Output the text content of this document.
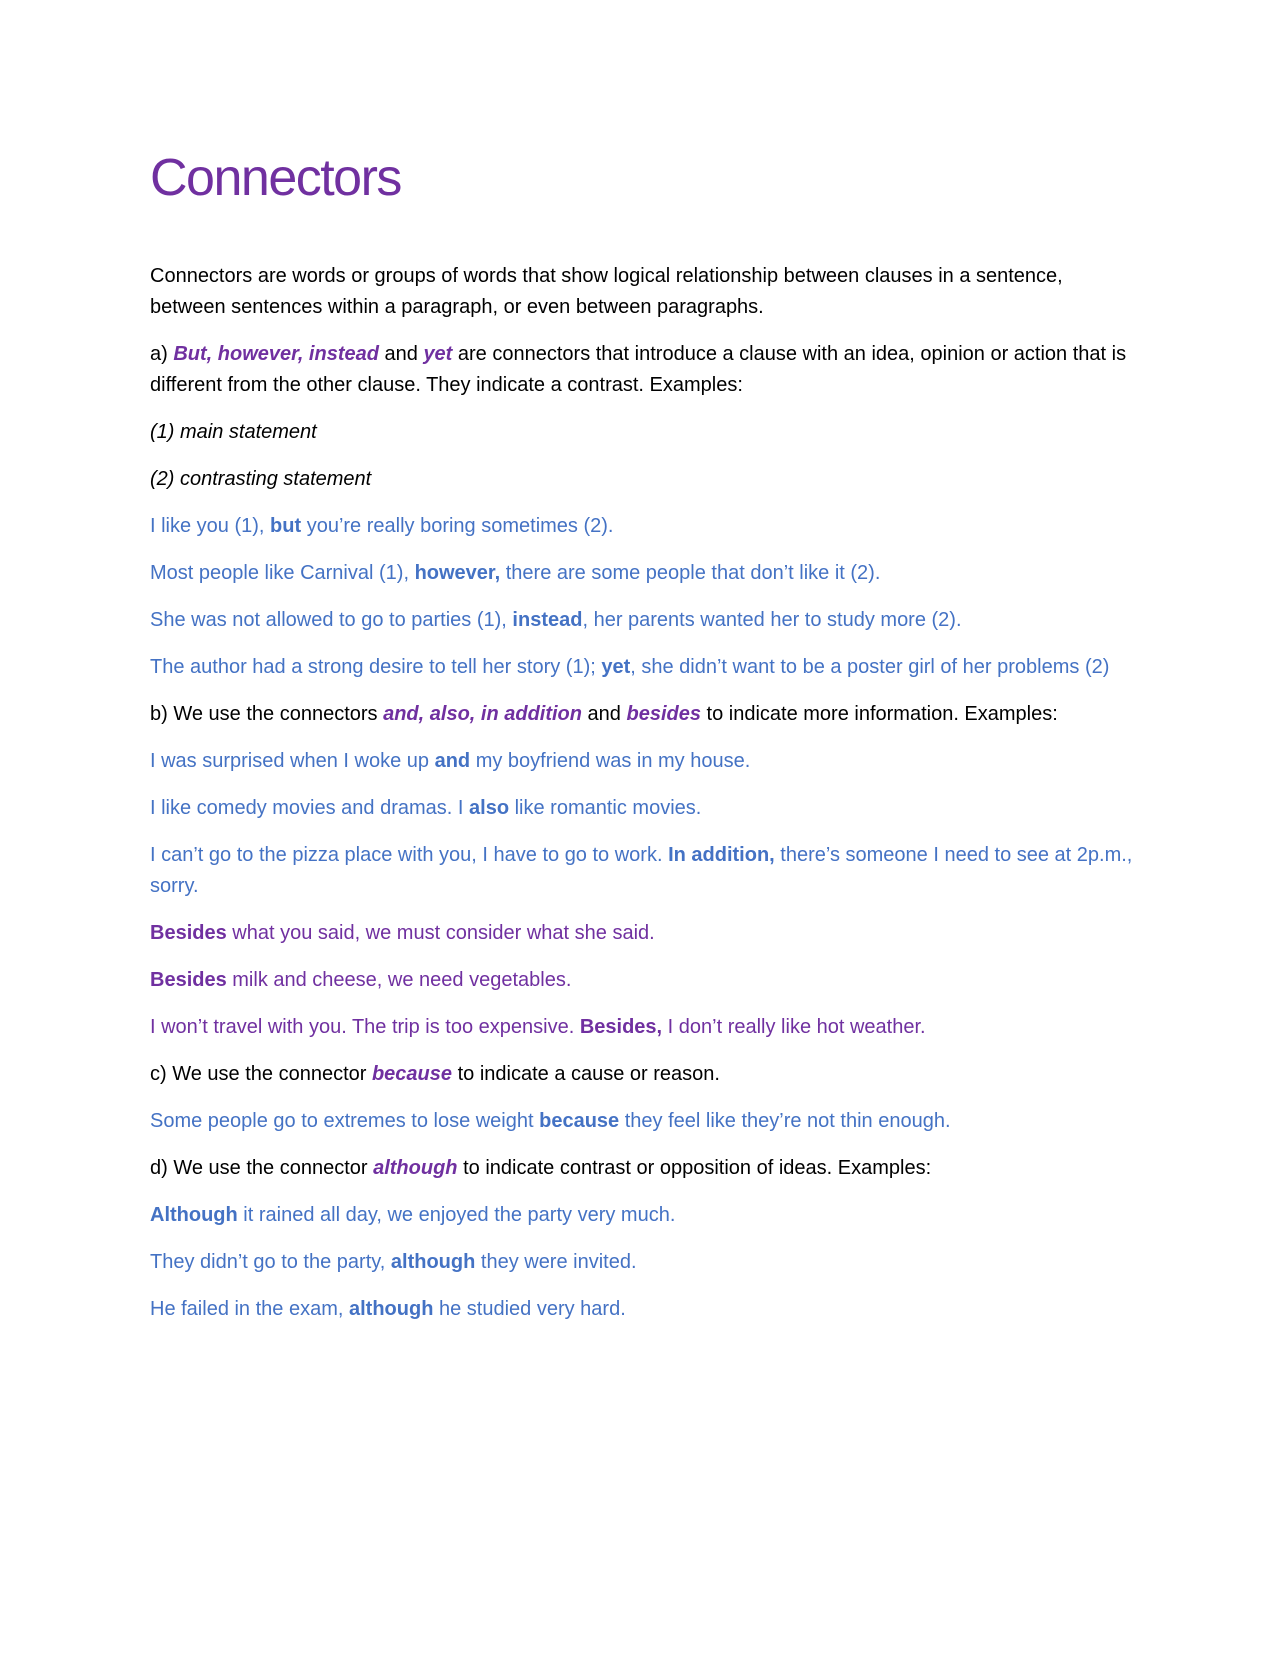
Connectors

Connectors are words or groups of words that show logical relationship between clauses in a sentence, between sentences within a paragraph, or even between paragraphs.

a) But, however, instead and yet are connectors that introduce a clause with an idea, opinion or action that is different from the other clause. They indicate a contrast. Examples:

(1) main statement

(2) contrasting statement

I like you (1), but you’re really boring sometimes (2).

Most people like Carnival (1), however, there are some people that don’t like it (2).

She was not allowed to go to parties (1), instead, her parents wanted her to study more (2).

The author had a strong desire to tell her story (1); yet, she didn’t want to be a poster girl of her problems (2)

b) We use the connectors and, also, in addition and besides to indicate more information. Examples:

I was surprised when I woke up and my boyfriend was in my house.

I like comedy movies and dramas. I also like romantic movies.

I can’t go to the pizza place with you, I have to go to work. In addition, there’s someone I need to see at 2p.m., sorry.

Besides what you said, we must consider what she said.

Besides milk and cheese, we need vegetables.

I won’t travel with you. The trip is too expensive. Besides, I don’t really like hot weather.

c) We use the connector because to indicate a cause or reason.

Some people go to extremes to lose weight because they feel like they’re not thin enough.

d) We use the connector although to indicate contrast or opposition of ideas. Examples:

Although it rained all day, we enjoyed the party very much.

They didn’t go to the party, although they were invited.

He failed in the exam, although he studied very hard.
